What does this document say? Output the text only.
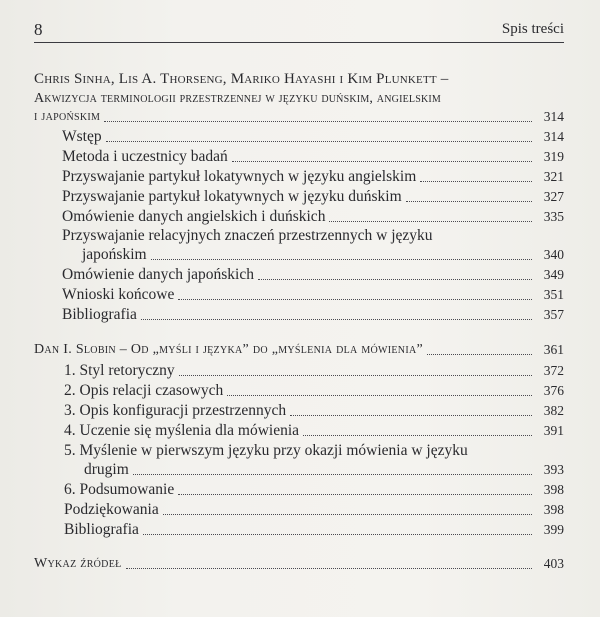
8	Spis treści
Chris Sinha, Lis A. Thorseng, Mariko Hayashi i Kim Plunkett –
Akwizycja terminologii przestrzennej w języku duńskim, angielskim
i japońskim	314
Wstęp	314
Metoda i uczestnicy badań	319
Przyswajanie partykuł lokatywnych w języku angielskim	321
Przyswajanie partykuł lokatywnych w języku duńskim	327
Omówienie danych angielskich i duńskich	335
Przyswajanie relacyjnych znaczeń przestrzennych w języku
japońskim	340
Omówienie danych japońskich	349
Wnioski końcowe	351
Bibliografia	357
Dan I. Slobin – Od „myśli i języka” do „myślenia dla mówienia”	361
1. Styl retoryczny	372
2. Opis relacji czasowych	376
3. Opis konfiguracji przestrzennych	382
4. Uczenie się myślenia dla mówienia	391
5. Myślenie w pierwszym języku przy okazji mówienia w języku
drugim	393
6. Podsumowanie	398
Podziękowania	398
Bibliografia	399
Wykaz źródeł	403
